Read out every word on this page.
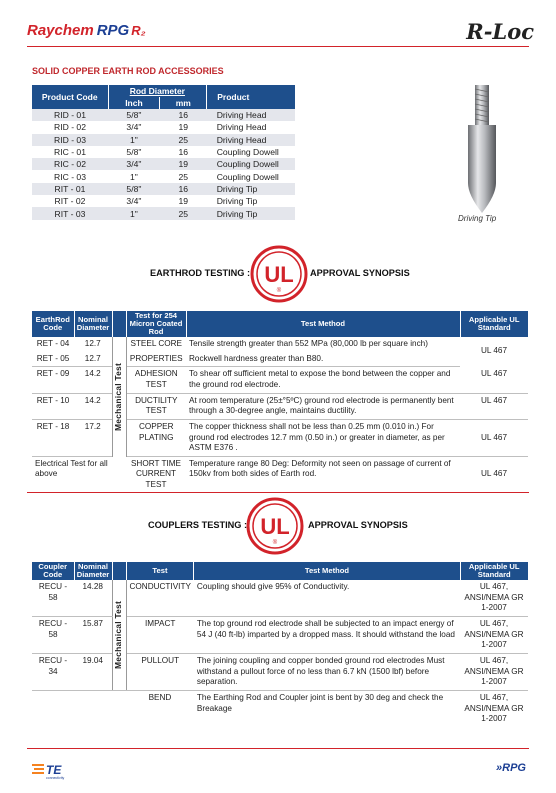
Raychem RPG R₂	R-Loc
SOLID COPPER EARTH ROD ACCESSORIES
Product Code	Rod Diameter		Product
	Inch	mm	
RID - 01	5/8"	16	Driving Head
RID - 02	3/4"	19	Driving Head
RID - 03	1"	25	Driving Head
RIC - 01	5/8"	16	Coupling Dowell
RIC - 02	3/4"	19	Coupling Dowell
RIC - 03	1"	25	Coupling Dowell
RIT - 01	5/8"	16	Driving Tip
RIT - 02	3/4"	19	Driving Tip
RIT - 03	1"	25	Driving Tip	Driving Tip
EARTHROD TESTING : UL
®
APPROVAL SYNOPSIS
EarthRod Code	Nominal Diameter		Test for 254 Micron Coated Rod	Test Method	Applicable UL Standard
RET - 04	12.7	Mechanical Test	STEEL CORE	Tensile strength greater than 552 MPa (80,000 lb per square inch)	UL 467
RET - 05	12.7		PROPERTIES	Rockwell hardness greater than B80.	
RET - 09	14.2		ADHESION TEST	To shear off sufficient metal to expose the bond between the copper and the ground rod electrode.	UL 467
RET - 10	14.2		DUCTILITY TEST	At room temperature (25±°5ºC) ground rod electrode is permanently bent through a 30-degree angle, maintains ductility.	UL 467
RET - 18	17.2		COPPER PLATING	The copper thickness shall not be less than 0.25 mm (0.010 in.) For ground rod electrodes 12.7 mm (0.50 in.) or greater in diameter, as per ASTM E376 .	UL 467
Electrical Test for all above			SHORT TIME CURRENT TEST	Temperature range 80 Deg: Deformity not seen on passage of current of 150kv from both sides of Earth rod.	UL 467
COUPLERS TESTING : UL
®
APPROVAL SYNOPSIS
Coupler Code	Nominal Diameter		Test	Test Method	Applicable UL Standard
RECU - 58	14.28	Mechanical Test	CONDUCTIVITY	Coupling should give 95% of Conductivity.	UL 467, ANSI/NEMA GR 1-2007
RECU - 58	15.87		IMPACT	The top ground rod electrode shall be subjected to an impact energy of 54 J (40 ft-lb) imparted by a dropped mass. It should withstand the load	UL 467, ANSI/NEMA GR 1-2007
RECU - 34	19.04		PULLOUT	The joining coupling and copper bonded ground rod electrodes Must withstand a pullout force of no less than 6.7 kN (1500 lbf) before separation.	UL 467, ANSI/NEMA GR 1-2007
			BEND	The Earthing Rod and Coupler joint is bent by 30 deg and check the Breakage	UL 467, ANSI/NEMA GR 1-2007
TE
connectivity
»RPG
